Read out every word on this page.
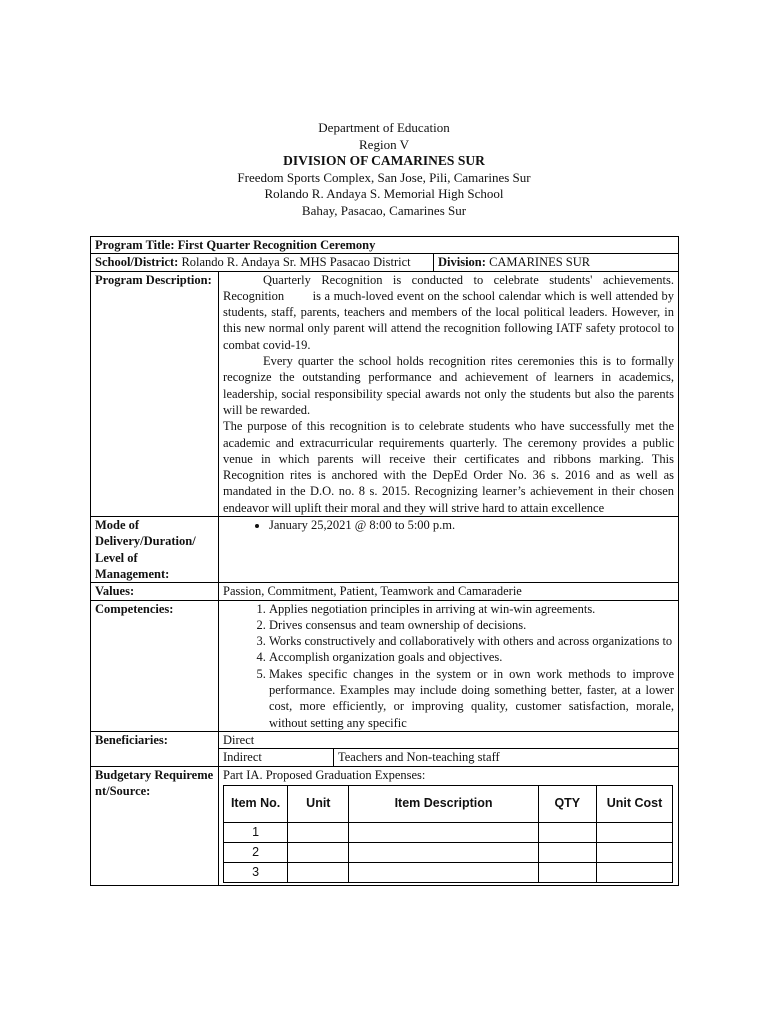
Department of Education
Region V
DIVISION OF CAMARINES SUR
Freedom Sports Complex, San Jose, Pili, Camarines Sur
Rolando R. Andaya S. Memorial High School
Bahay, Pasacao, Camarines Sur
Program Title: First Quarter Recognition Ceremony
School/District: Rolando R. Andaya Sr. MHS Pasacao District	Division: CAMARINES SUR
Program Description:	Quarterly Recognition is conducted to celebrate students' achievements. Recognition        is a much-loved event on the school calendar which is well attended by students, staff, parents, teachers and members of the local political leaders. However, in this new normal only parent will attend the recognition following IATF safety protocol to combat covid-19.
Every quarter the school holds recognition rites ceremonies this is to formally recognize the outstanding performance and achievement of learners in academics, leadership, social responsibility special awards not only the students but also the parents will be rewarded.
The purpose of this recognition is to celebrate students who have successfully met the academic and extracurricular requirements quarterly. The ceremony provides a public venue in which parents will receive their certificates and ribbons marking. This Recognition rites is anchored with the DepEd Order No. 36 s. 2016 and as well as mandated in the D.O. no. 8 s. 2015. Recognizing learner’s achievement in their chosen endeavor will uplift their moral and they will strive hard to attain excellence

Mode of Delivery/Duration/ Level of Management:	
• January 25,2021 @ 8:00 to 5:00 p.m.

Values:	Passion, Commitment, Patient, Teamwork and Camaraderie
Competencies:	
1.Applies negotiation principles in arriving at win-win agreements.
2. Drives consensus and team ownership of decisions.
3. Works constructively and collaboratively with others and across organizations to
4. Accomplish organization goals and objectives.
5. Makes specific changes in the system or in own work methods to improve performance. Examples may include doing something better, faster, at a lower cost, more efficiently, or improving quality, customer satisfaction, morale, without setting any specific

Beneficiaries:	Direct
Indirect	Teachers and Non-teaching staff
Budgetary Requirement/Source:	
Part IA. Proposed Graduation Expenses:
Item No.	Unit	Item Description	QTY	Unit Cost
1				
2				
3				
